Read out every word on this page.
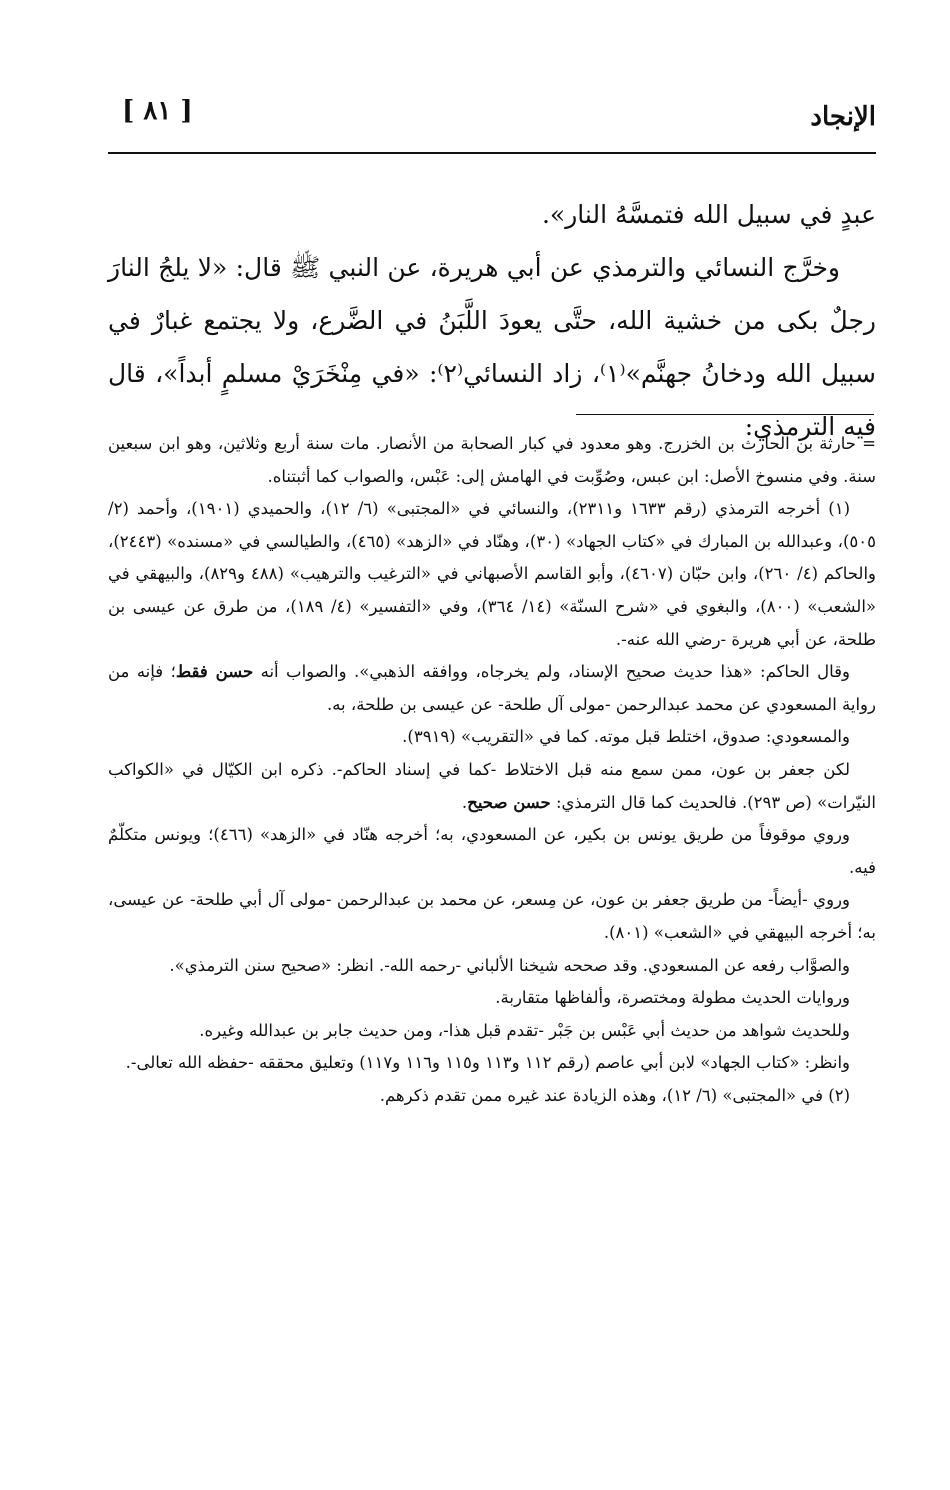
الإنجاد
[ ٨١ ]

عبدٍ في سبيل الله فتمسَّهُ النار».

وخرَّج النسائي والترمذي عن أبي هريرة، عن النبي ﷺ قال: «لا يلجُ النارَ رجلٌ بكى من خشية الله، حتَّى يعودَ اللَّبَنُ في الضَّرع، ولا يجتمع غبارٌ في سبيل الله ودخانُ جهنَّم»⁽١⁾، زاد النسائي⁽٢⁾: «في مِنْخَرَيْ مسلمٍ أبداً»، قال فيه الترمذي:

= حارثة بن الحارث بن الخزرج. وهو معدود في كبار الصحابة من الأنصار. مات سنة أربع وثلاثين، وهو ابن سبعين سنة. وفي منسوخ الأصل: ابن عبس، وصُوِّبت في الهامش إلى: عَبْس، والصواب كما أثبتناه.

(١) أخرجه الترمذي (رقم ١٦٣٣ و٢٣١١)، والنسائي في «المجتبى» (٦/ ١٢)، والحميدي (١٩٠١)، وأحمد (٢/ ٥٠٥)، وعبدالله بن المبارك في «كتاب الجهاد» (٣٠)، وهنّاد في «الزهد» (٤٦٥)، والطيالسي في «مسنده» (٢٤٤٣)، والحاكم (٤/ ٢٦٠)، وابن حبّان (٤٦٠٧)، وأبو القاسم الأصبهاني في «الترغيب والترهيب» (٤٨٨ و٨٢٩)، والبيهقي في «الشعب» (٨٠٠)، والبغوي في «شرح السنّة» (١٤/ ٣٦٤)، وفي «التفسير» (٤/ ١٨٩)، من طرق عن عيسى بن طلحة، عن أبي هريرة -رضي الله عنه-.

وقال الحاكم: «هذا حديث صحيح الإسناد، ولم يخرجاه، ووافقه الذهبي». والصواب أنه حسن فقط؛ فإنه من رواية المسعودي عن محمد عبدالرحمن -مولى آل طلحة- عن عيسى بن طلحة، به.

والمسعودي: صدوق، اختلط قبل موته. كما في «التقريب» (٣٩١٩).

لكن جعفر بن عون، ممن سمع منه قبل الاختلاط -كما في إسناد الحاكم-. ذكره ابن الكيّال في «الكواكب النيّرات» (ص ٢٩٣). فالحديث كما قال الترمذي: حسن صحيح.

وروي موقوفاً من طريق يونس بن بكير، عن المسعودي، به؛ أخرجه هنّاد في «الزهد» (٤٦٦)؛ ويونس متكلّمٌ فيه.

وروي -أيضاً- من طريق جعفر بن عون، عن مِسعر، عن محمد بن عبدالرحمن -مولى آل أبي طلحة- عن عيسى، به؛ أخرجه البيهقي في «الشعب» (٨٠١).

والصوَّاب رفعه عن المسعودي. وقد صححه شيخنا الألباني -رحمه الله-. انظر: «صحيح سنن الترمذي».

وروايات الحديث مطولة ومختصرة، وألفاظها متقاربة.

وللحديث شواهد من حديث أبي عَبْس بن جَبْر -تقدم قبل هذا-، ومن حديث جابر بن عبدالله وغيره.

وانظر: «كتاب الجهاد» لابن أبي عاصم (رقم ١١٢ و١١٣ و١١٥ و١١٦ و١١٧) وتعليق محققه -حفظه الله تعالى-.

(٢) في «المجتبى» (٦/ ١٢)، وهذه الزيادة عند غيره ممن تقدم ذكرهم.
